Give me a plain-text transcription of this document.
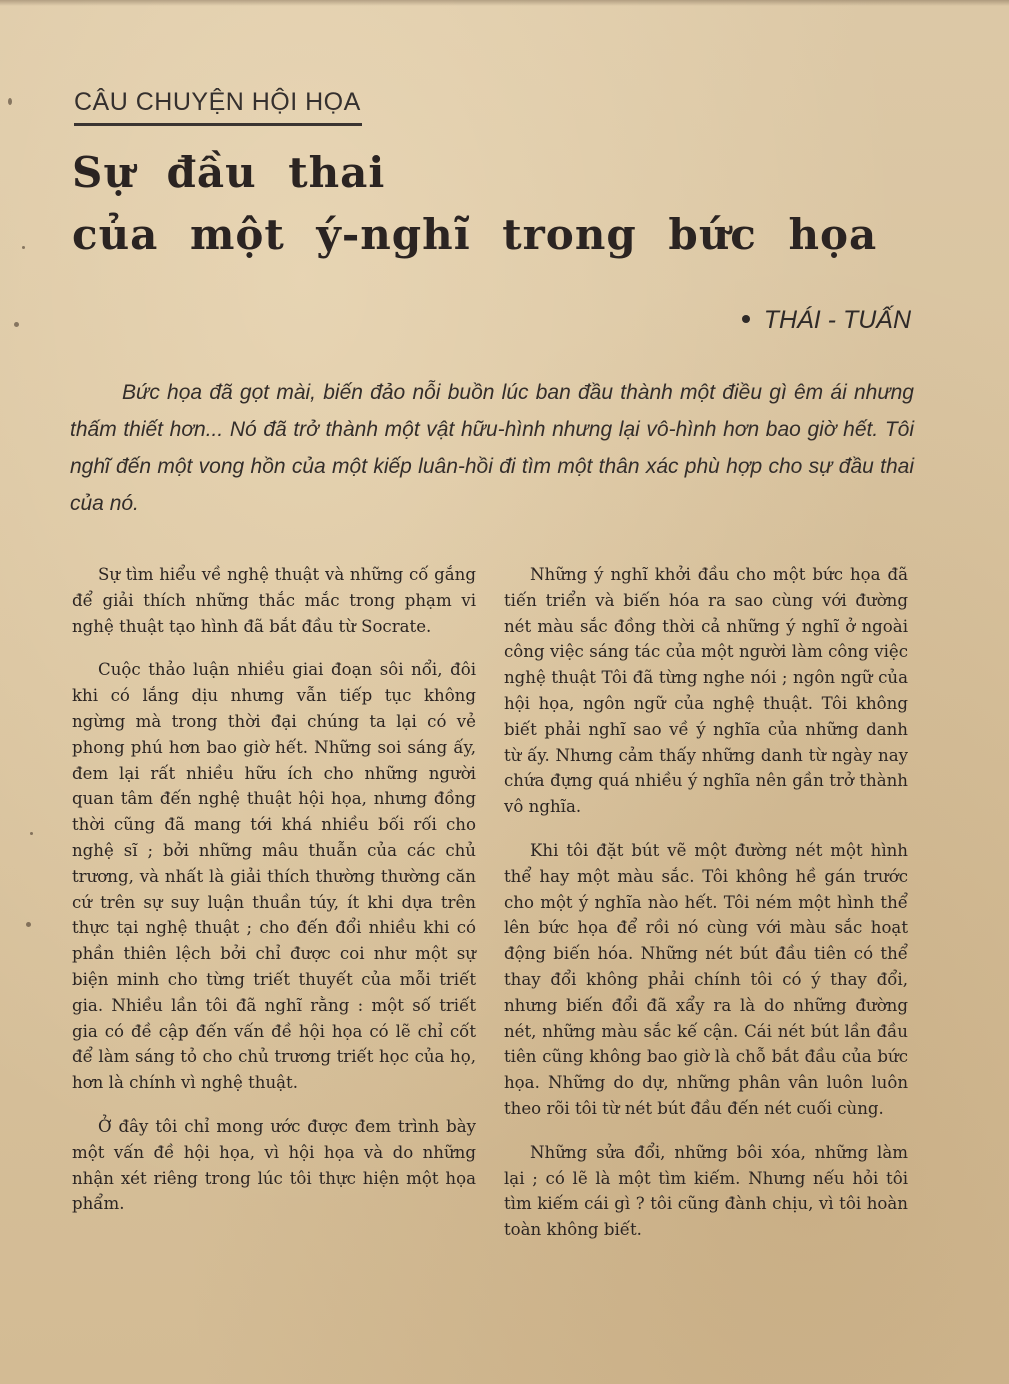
CÂU CHUYỆN HỘI HỌA
Sự đầu thai
của một ý-nghĩ trong bức họa
THÁI - TUẤN

Bức họa đã gọt mài, biến đảo nỗi buồn lúc ban đầu thành một điều gì êm ái nhưng thấm thiết hơn... Nó đã trở thành một vật hữu-hình nhưng lại vô-hình hơn bao giờ hết. Tôi nghĩ đến một vong hồn của một kiếp luân-hồi đi tìm một thân xác phù hợp cho sự đầu thai của nó.

Sự tìm hiểu về nghệ thuật và những cố gắng để giải thích những thắc mắc trong phạm vi nghệ thuật tạo hình đã bắt đầu từ Socrate.

Cuộc thảo luận nhiều giai đoạn sôi nổi, đôi khi có lắng dịu nhưng vẫn tiếp tục không ngừng mà trong thời đại chúng ta lại có vẻ phong phú hơn bao giờ hết. Những soi sáng ấy, đem lại rất nhiều hữu ích cho những người quan tâm đến nghệ thuật hội họa, nhưng đồng thời cũng đã mang tới khá nhiều bối rối cho nghệ sĩ ; bởi những mâu thuẫn của các chủ trương, và nhất là giải thích thường thường căn cứ trên sự suy luận thuần túy, ít khi dựa trên thực tại nghệ thuật ; cho đến đổi nhiều khi có phần thiên lệch bởi chỉ được coi như một sự biện minh cho từng triết thuyết của mỗi triết gia. Nhiều lần tôi đã nghĩ rằng : một số triết gia có đề cập đến vấn đề hội họa có lẽ chỉ cốt để làm sáng tỏ cho chủ trương triết học của họ, hơn là chính vì nghệ thuật.

Ở đây tôi chỉ mong ước được đem trình bày một vấn đề hội họa, vì hội họa và do những nhận xét riêng trong lúc tôi thực hiện một họa phẩm.

Những ý nghĩ khởi đầu cho một bức họa đã tiến triển và biến hóa ra sao cùng với đường nét màu sắc đồng thời cả những ý nghĩ ở ngoài công việc sáng tác của một người làm công việc nghệ thuật Tôi đã từng nghe nói ; ngôn ngữ của hội họa, ngôn ngữ của nghệ thuật. Tôi không biết phải nghĩ sao về ý nghĩa của những danh từ ấy. Nhưng cảm thấy những danh từ ngày nay chứa đựng quá nhiều ý nghĩa nên gần trở thành vô nghĩa.

Khi tôi đặt bút vẽ một đường nét một hình thể hay một màu sắc. Tôi không hề gán trước cho một ý nghĩa nào hết. Tôi ném một hình thể lên bức họa để rồi nó cùng với màu sắc hoạt động biến hóa. Những nét bút đầu tiên có thể thay đổi không phải chính tôi có ý thay đổi, nhưng biến đổi đã xẩy ra là do những đường nét, những màu sắc kế cận. Cái nét bút lần đầu tiên cũng không bao giờ là chỗ bắt đầu của bức họa. Những do dự, những phân vân luôn luôn theo rõi tôi từ nét bút đầu đến nét cuối cùng.

Những sửa đổi, những bôi xóa, những làm lại ; có lẽ là một tìm kiếm. Nhưng nếu hỏi tôi tìm kiếm cái gì ? tôi cũng đành chịu, vì tôi hoàn toàn không biết.
